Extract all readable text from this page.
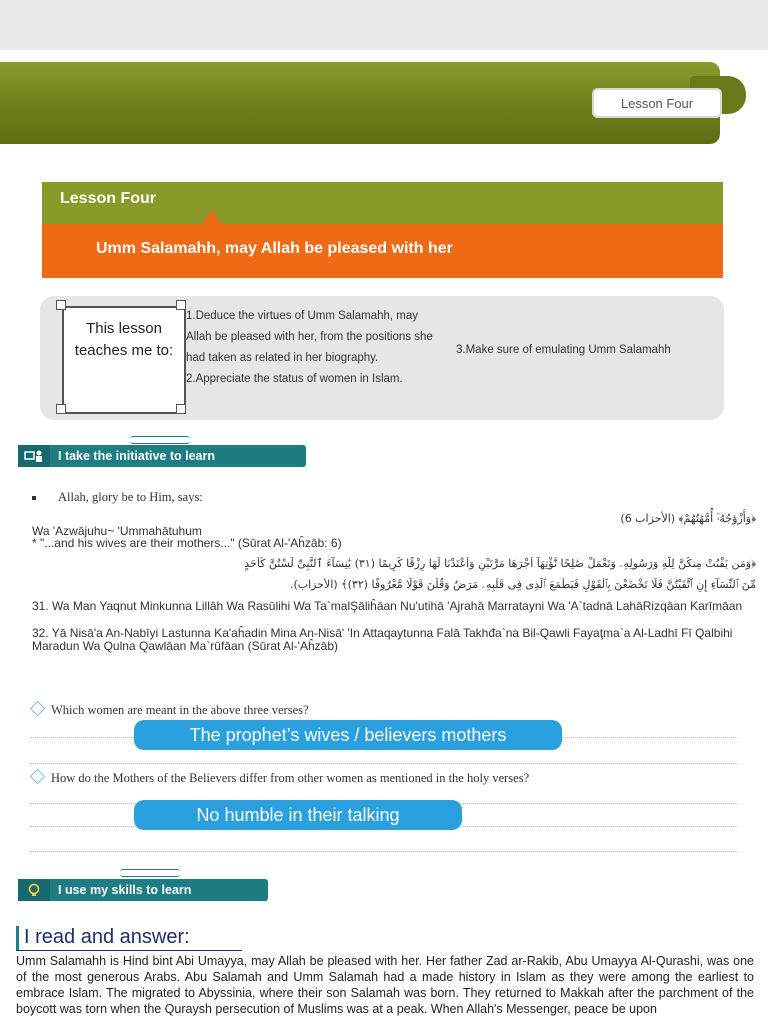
Lesson Four
Lesson Four
Umm Salamahh, may Allah be pleased with her
This lesson teaches me to:
1.Deduce the virtues of Umm Salamahh, may Allah be pleased with her, from the positions she had taken as related in her biography.
2.Appreciate the status of women in Islam.
3.Make sure of emulating Umm Salamahh
I take the initiative to learn
Allah, glory be to Him, says:
﴿وَأَزْوَٰجُهُۥٓ أُمَّهَٰتُهُمْ﴾ (الأحزاب 6)
Wa 'Azwājuhu~ 'Ummahātuhum
* "...and his wives are their mothers..." (Sūrat Al-'Aĥzāb: 6)
﴿وَمَن يَقْنُتْ مِنكُنَّ لِلَّهِ وَرَسُولِهِۦ وَتَعْمَلْ صَٰلِحًا نُّؤْتِهَآ أَجْرَهَا مَرَّتَيْنِ وَأَعْتَدْنَا لَهَا رِزْقًا كَرِيمًا (٣١) يَٰنِسَآءَ ٱلنَّبِىِّ لَسْتُنَّ كَأَحَدٍ
مِّنَ ٱلنِّسَآءِ إِنِ ٱتَّقَيْتُنَّ فَلَا تَخْضَعْنَ بِٱلْقَوْلِ فَيَطْمَعَ ٱلَّذِى فِى قَلْبِهِۦ مَرَضٌ وَقُلْنَ قَوْلًا مَّعْرُوفًا (٣٢)﴾ (الأحزاب).
31. Wa Man Yaqnut Minkunna Lillāh Wa Rasūlihi Wa Ta`malŞāliĥāan Nu'utihā 'Ajrahā Marratayni Wa 'A`tadnā LahāRizqāan Karīmāan
32. Yā Nisā'a An-Nabīyi Lastunna Ka'aĥadin Mina An-Nisā' 'In Attaqaytunna Falā Takhđa`na Bil-Qawli Fayaţma`a Al-Ladhī Fī Qalbihi Maradun Wa Qulna Qawlāan Ma`rūfāan (Sūrat Al-'Aĥzāb)
Which women are meant in the above three verses?
The prophet’s wives / believers mothers
How do the Mothers of the Believers differ from other women as mentioned in the holy verses?
No humble in their talking
I use my skills to learn
I read and answer:
Umm Salamahh is Hind bint Abi Umayya, may Allah be pleased with her. Her father Zad ar-Rakib, Abu Umayya Al-Qurashi, was one of the most generous Arabs. Abu Salamah and Umm Salamah had a made history in Islam as they were among the earliest to embrace Islam. The migrated to Abyssinia, where their son Salamah was born. They returned to Makkah after the parchment of the boycott was torn when the Quraysh persecution of Muslims was at a peak. When Allah's Messenger, peace be upon
